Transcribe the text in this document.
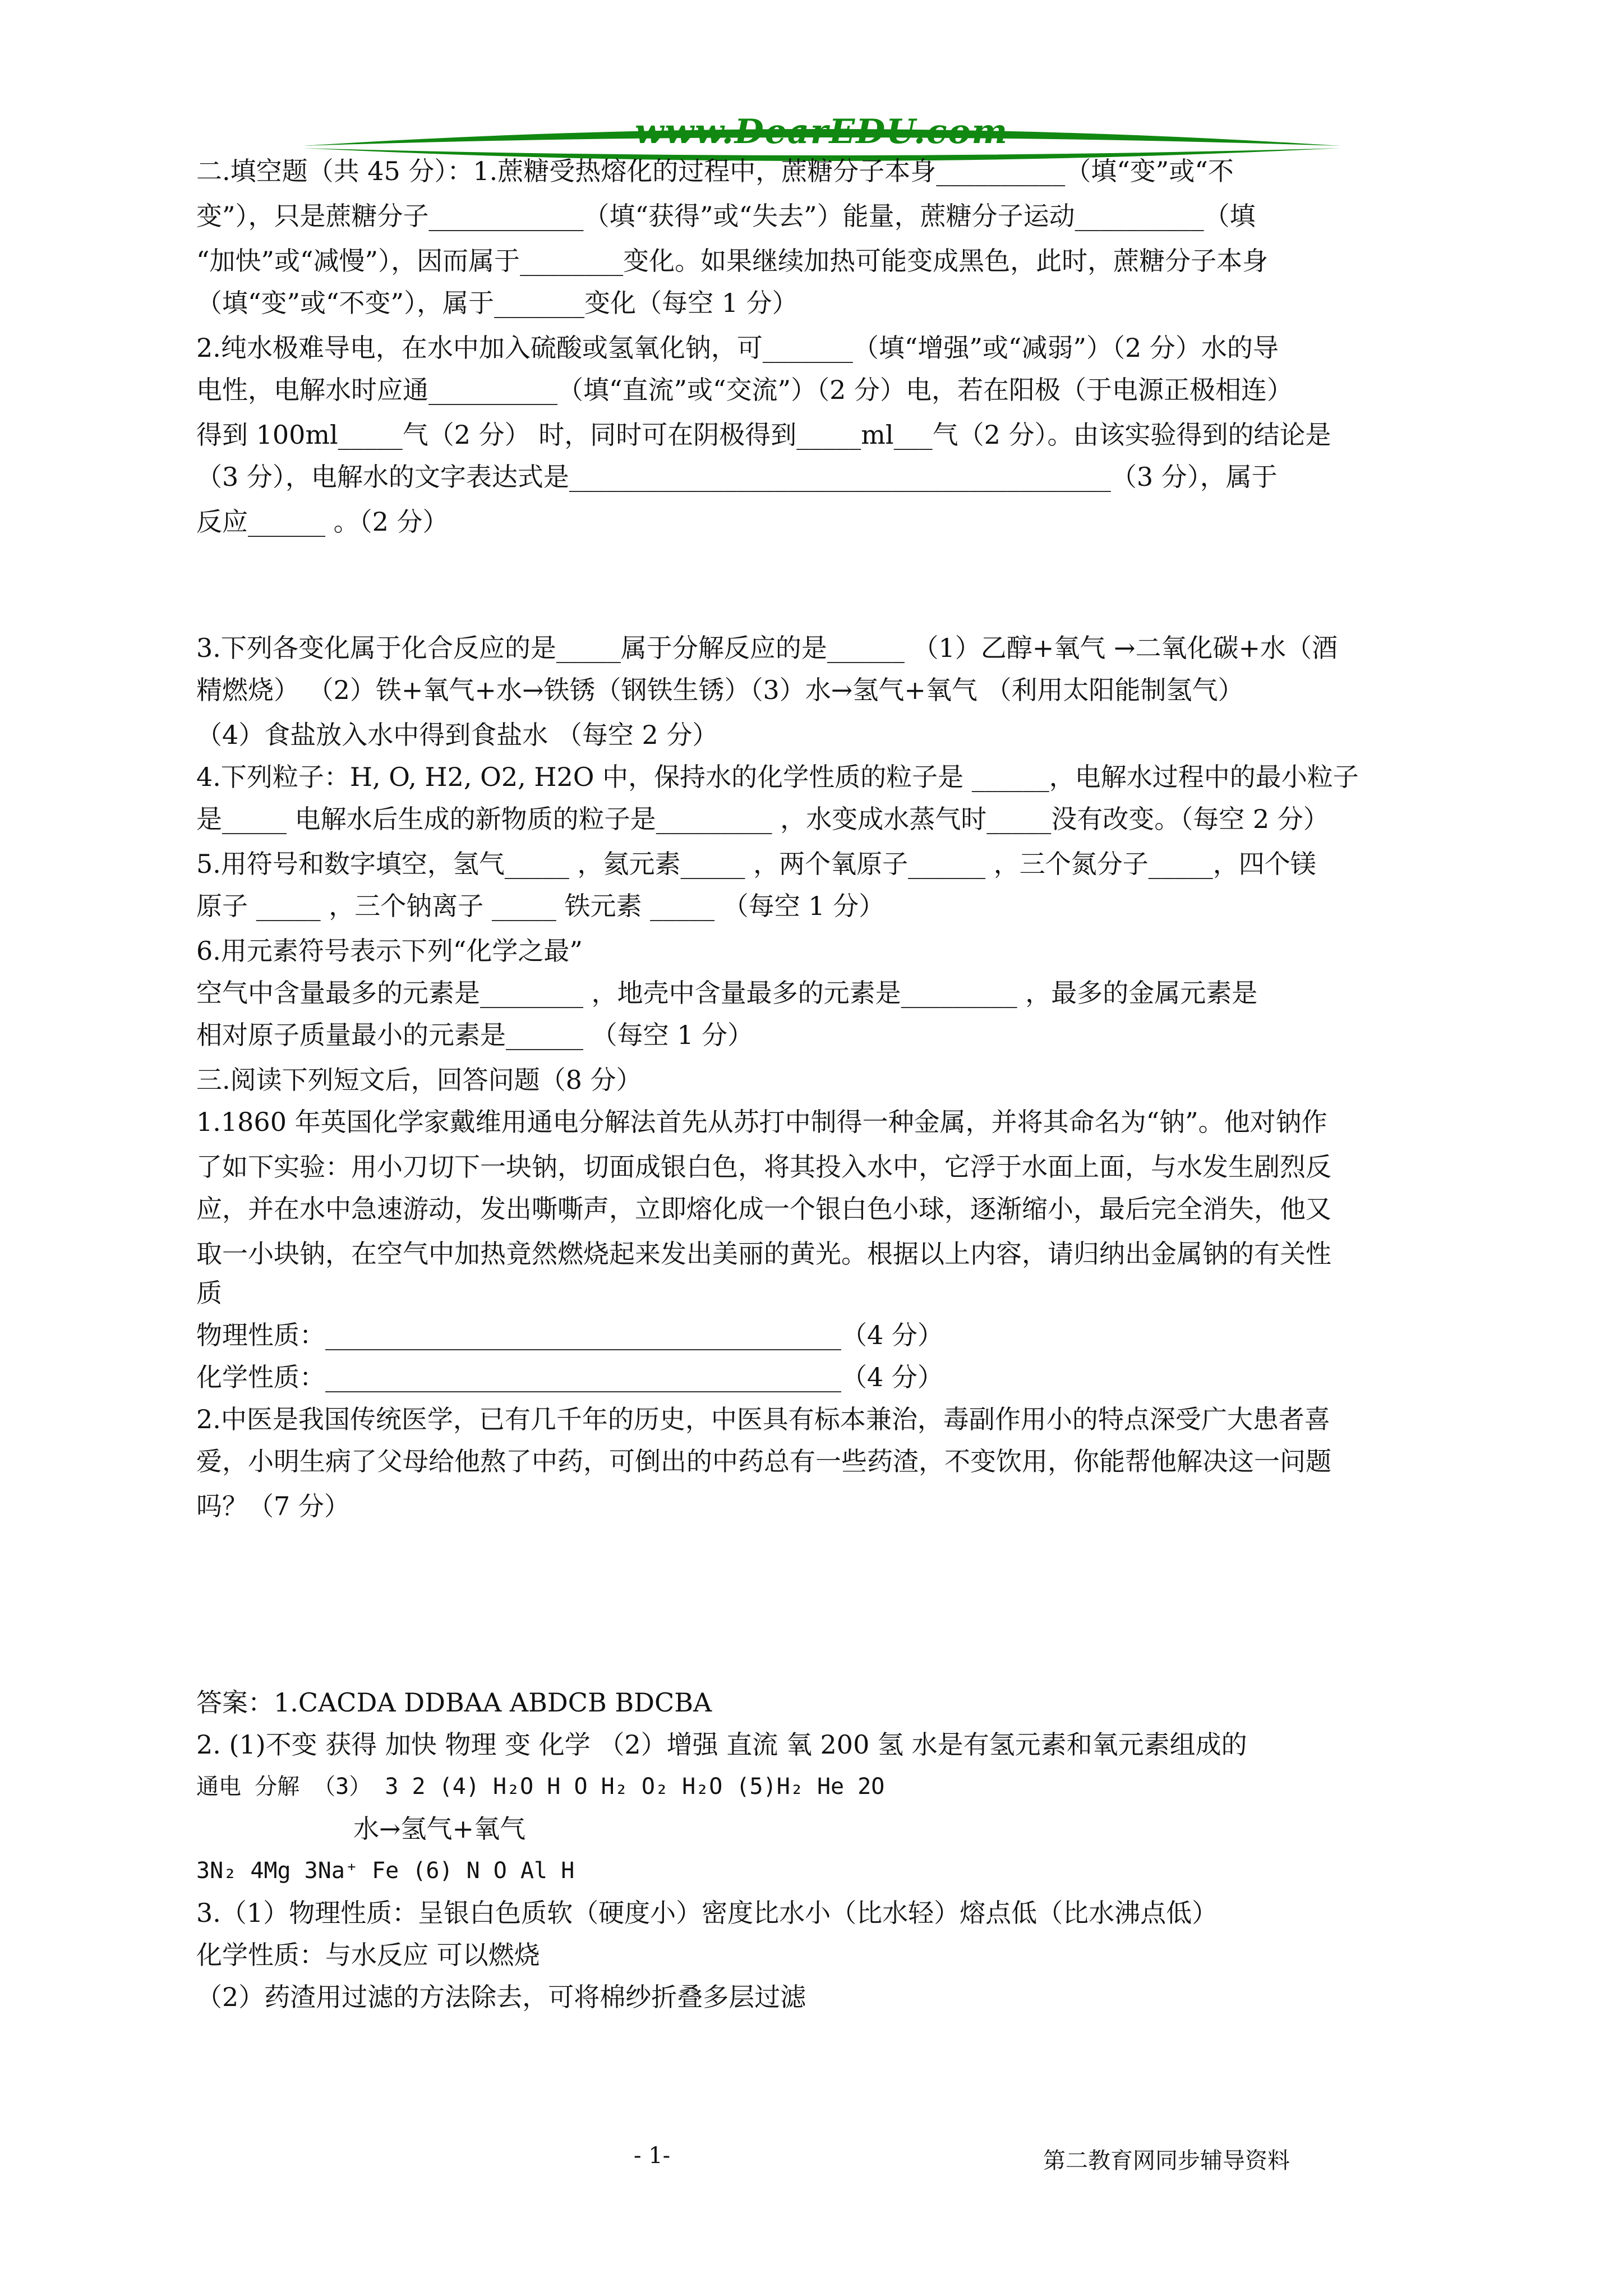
www.DearEDU.com
二.填空题（共 45 分）：1.蔗糖受热熔化的过程中，蔗糖分子本身__________（填“变”或“不
变”），只是蔗糖分子____________（填“获得”或“失去”）能量，蔗糖分子运动__________（填
“加快”或“减慢”），因而属于________变化。如果继续加热可能变成黑色，此时，蔗糖分子本身
（填“变”或“不变”），属于_______变化（每空 1 分）
2.纯水极难导电，在水中加入硫酸或氢氧化钠，可_______（填“增强”或“减弱”）（2 分）水的导
电性，电解水时应通__________（填“直流”或“交流”）（2 分）电，若在阳极（于电源正极相连）
得到 100ml_____气（2 分） 时，同时可在阴极得到_____ml___气（2 分）。由该实验得到的结论是
（3 分），电解水的文字表达式是__________________________________________（3 分），属于
反应______ 。（2 分）
3.下列各变化属于化合反应的是_____属于分解反应的是______ （1）乙醇+氧气 →二氧化碳+水（酒
精燃烧） （2）铁+氧气+水→铁锈（钢铁生锈）（3）水→氢气+氧气 （利用太阳能制氢气）
（4）食盐放入水中得到食盐水 （每空 2 分）
4.下列粒子：H, O, H2, O2, H2O 中，保持水的化学性质的粒子是 ______，电解水过程中的最小粒子
是_____ 电解水后生成的新物质的粒子是_________ ，水变成水蒸气时_____没有改变。（每空 2 分）
5.用符号和数字填空，氢气_____ ，氦元素_____ ，两个氧原子______ ，三个氮分子_____，四个镁
原子 _____ ，三个钠离子 _____ 铁元素 _____ （每空 1 分）
6.用元素符号表示下列“化学之最”
空气中含量最多的元素是________ ，地壳中含量最多的元素是_________ ，最多的金属元素是
相对原子质量最小的元素是______ （每空 1 分）
三.阅读下列短文后，回答问题（8 分）
1.1860 年英国化学家戴维用通电分解法首先从苏打中制得一种金属，并将其命名为“钠”。他对钠作
了如下实验：用小刀切下一块钠，切面成银白色，将其投入水中，它浮于水面上面，与水发生剧烈反
应，并在水中急速游动，发出嘶嘶声，立即熔化成一个银白色小球，逐渐缩小，最后完全消失，他又
取一小块钠，在空气中加热竟然燃烧起来发出美丽的黄光。根据以上内容，请归纳出金属钠的有关性
质
物理性质：________________________________________（4 分）
化学性质：________________________________________（4 分）
2.中医是我国传统医学，已有几千年的历史，中医具有标本兼治，毒副作用小的特点深受广大患者喜
爱，小明生病了父母给他熬了中药，可倒出的中药总有一些药渣，不变饮用，你能帮他解决这一问题
吗？（7 分）
答案：1.CACDA DDBAA ABDCB BDCBA
2. (1)不变 获得 加快 物理 变 化学 （2）增强 直流 氧 200 氢 水是有氢元素和氧元素组成的
通电 分解 （3） 3 2 (4) H₂O H O H₂ O₂ H₂O (5)H₂ He 2O
水→氢气+氧气
3N₂ 4Mg 3Na⁺ Fe (6) N O Al H
3.（1）物理性质：呈银白色质软（硬度小）密度比水小（比水轻）熔点低（比水沸点低）
化学性质：与水反应 可以燃烧
（2）药渣用过滤的方法除去，可将棉纱折叠多层过滤
- 1-	第二教育网同步辅导资料
